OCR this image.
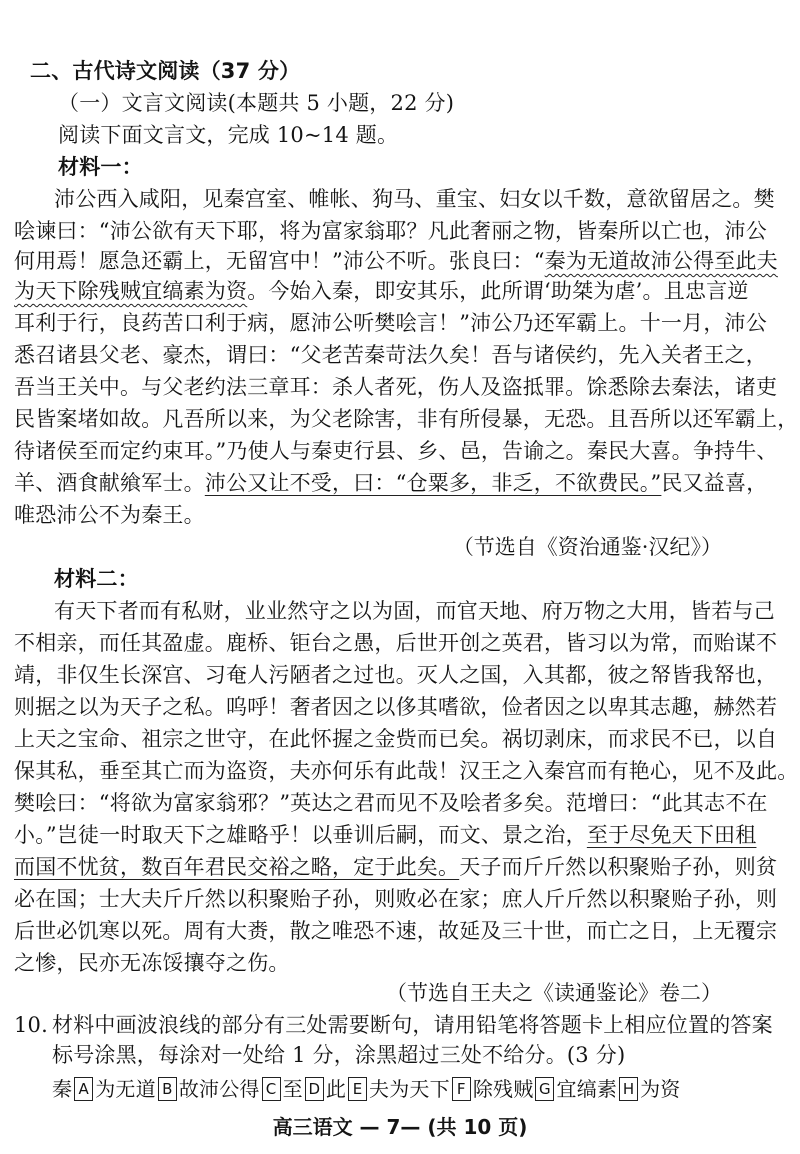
二、古代诗文阅读（37 分）
（一）文言文阅读(本题共 5 小题，22 分)
阅读下面文言文，完成 10~14 题。
材料一：
沛公西入咸阳，见秦宫室、帷帐、狗马、重宝、妇女以千数，意欲留居之。樊
哙谏曰：“沛公欲有天下耶，将为富家翁耶？凡此奢丽之物，皆秦所以亡也，沛公
何用焉！愿急还霸上，无留宫中！”沛公不听。张良曰：“秦为无道故沛公得至此夫
为天下除残贼宜缟素为资。今始入秦，即安其乐，此所谓‘助桀为虐’。且忠言逆
耳利于行，良药苦口利于病，愿沛公听樊哙言！”沛公乃还军霸上。十一月，沛公
悉召诸县父老、豪杰，谓曰：“父老苦秦苛法久矣！吾与诸侯约，先入关者王之，
吾当王关中。与父老约法三章耳：杀人者死，伤人及盗抵罪。馀悉除去秦法，诸吏
民皆案堵如故。凡吾所以来，为父老除害，非有所侵暴，无恐。且吾所以还军霸上，
待诸侯至而定约束耳。”乃使人与秦吏行县、乡、邑，告谕之。秦民大喜。争持牛、
羊、酒食献飨军士。沛公又让不受，曰：“仓粟多，非乏，不欲费民。”民又益喜，
唯恐沛公不为秦王。
（节选自《资治通鉴·汉纪》）
材料二：
有天下者而有私财，业业然守之以为固，而官天地、府万物之大用，皆若与己
不相亲，而任其盈虚。鹿桥、钜台之愚，后世开创之英君，皆习以为常，而贻谋不
靖，非仅生长深宫、习奄人污陋者之过也。灭人之国，入其都，彼之帑皆我帑也，
则据之以为天子之私。呜呼！奢者因之以侈其嗜欲，俭者因之以卑其志趣，赫然若
上天之宝命、祖宗之世守，在此怀握之金赀而已矣。祸切剥床，而求民不已，以自
保其私，垂至其亡而为盗资，夫亦何乐有此哉！汉王之入秦宫而有艳心，见不及此。
樊哙曰：“将欲为富家翁邪？”英达之君而见不及哙者多矣。范增曰：“此其志不在
小。”岂徒一时取天下之雄略乎！以垂训后嗣，而文、景之治，至于尽免天下田租
而国不忧贫，数百年君民交裕之略，定于此矣。天子而斤斤然以积聚贻子孙，则贫
必在国；士大夫斤斤然以积聚贻子孙，则败必在家；庶人斤斤然以积聚贻子孙，则
后世必饥寒以死。周有大赉，散之唯恐不速，故延及三十世，而亡之日，上无覆宗
之惨，民亦无冻馁攘夺之伤。
（节选自王夫之《读通鉴论》卷二）
10. 材料中画波浪线的部分有三处需要断句，请用铅笔将答题卡上相应位置的答案
标号涂黑，每涂对一处给 1 分，涂黑超过三处不给分。(3 分)
秦 A 为无道 B 故沛公得 C 至 D 此 E 夫为天下 F 除残贼 G 宜缟素 H 为资
高三语文 — 7— (共 10 页)
